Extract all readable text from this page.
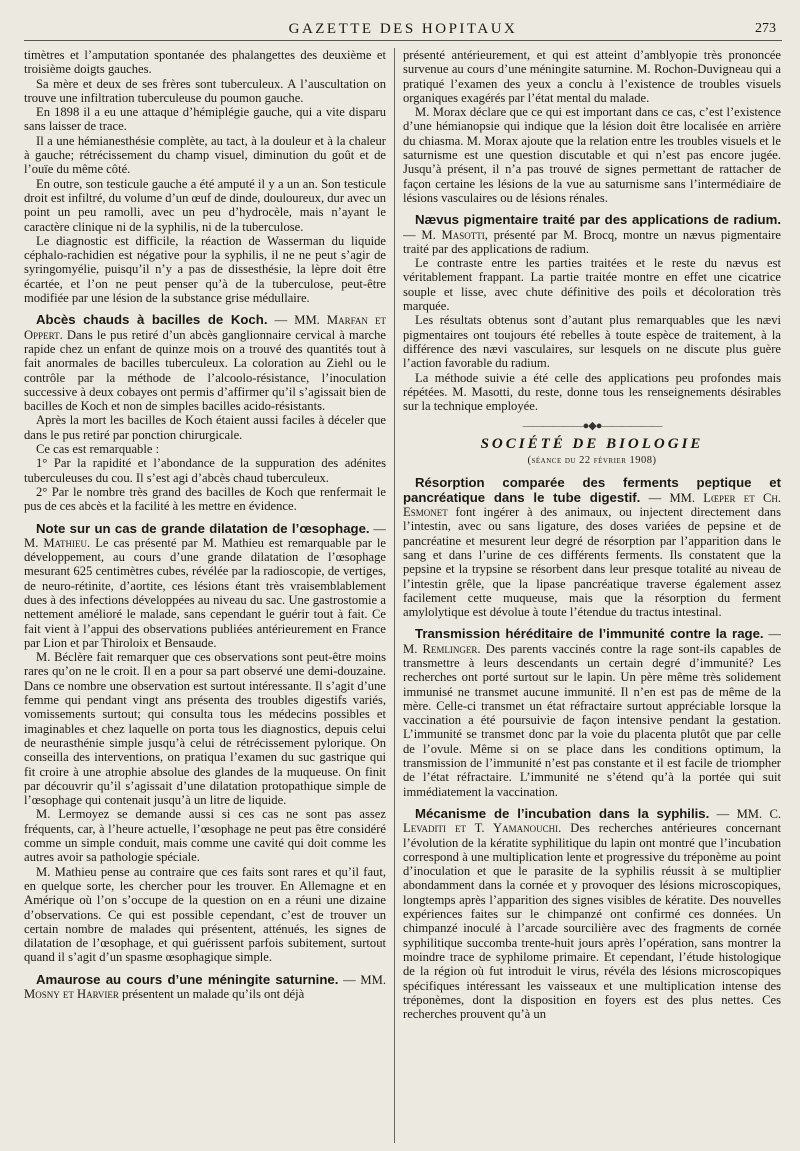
GAZETTE DES HOPITAUX	273

timètres et l’amputation spontanée des phalangettes des deuxième et troisième doigts gauches.

Sa mère et deux de ses frères sont tuberculeux. A l’auscultation on trouve une infiltration tuberculeuse du poumon gauche.

En 1898 il a eu une attaque d’hémiplégie gauche, qui a vite disparu sans laisser de trace.

Il a une hémianesthésie complète, au tact, à la douleur et à la chaleur à gauche; rétrécissement du champ visuel, diminution du goût et de l’ouïe du même côté.

En outre, son testicule gauche a été amputé il y a un an. Son testicule droit est infiltré, du volume d’un œuf de dinde, douloureux, dur avec un point un peu ramolli, avec un peu d’hydrocèle, mais n’ayant le caractère clinique ni de la syphilis, ni de la tuberculose.

Le diagnostic est difficile, la réaction de Wasserman du liquide céphalo-rachidien est négative pour la syphilis, il ne ne peut s’agir de syringomyélie, puisqu’il n’y a pas de dissesthésie, la lèpre doit être écartée, et l’on ne peut penser qu’à de la tuberculose, peut-être modifiée par une lésion de la substance grise médullaire.

Abcès chauds à bacilles de Koch. — MM. Marfan et Oppert. Dans le pus retiré d’un abcès ganglionnaire cervical à marche rapide chez un enfant de quinze mois on a trouvé des quantités tout à fait anormales de bacilles tuberculeux. La coloration au Ziehl ou le contrôle par la méthode de l’alcoolo-résistance, l’inoculation successive à deux cobayes ont permis d’affirmer qu’il s’agissait bien de bacilles de Koch et non de simples bacilles acido-résistants.

Après la mort les bacilles de Koch étaient aussi faciles à déceler que dans le pus retiré par ponction chirurgicale.

Ce cas est remarquable :

1° Par la rapidité et l’abondance de la suppuration des adénites tuberculeuses du cou. Il s’est agi d’abcès chaud tuberculeux.

2° Par le nombre très grand des bacilles de Koch que renfermait le pus de ces abcès et la facilité à les mettre en évidence.

Note sur un cas de grande dilatation de l’œsophage. — M. Mathieu. Le cas présenté par M. Mathieu est remarquable par le développement, au cours d’une grande dilatation de l’œsophage mesurant 625 centimètres cubes, révélée par la radioscopie, de vertiges, de neuro-rétinite, d’aortite, ces lésions étant très vraisemblablement dues à des infections développées au niveau du sac. Une gastrostomie a nettement amélioré le malade, sans cependant le guérir tout à fait. Ce fait vient à l’appui des observations publiées antérieurement en France par Lion et par Thiroloix et Bensaude.

M. Béclère fait remarquer que ces observations sont peut-être moins rares qu’on ne le croit. Il en a pour sa part observé une demi-douzaine. Dans ce nombre une observation est surtout intéressante. Il s’agit d’une femme qui pendant vingt ans présenta des troubles digestifs variés, vomissements surtout; qui consulta tous les médecins possibles et imaginables et chez laquelle on porta tous les diagnostics, depuis celui de neurasthénie simple jusqu’à celui de rétrécissement pylorique. On conseilla des interventions, on pratiqua l’examen du suc gastrique qui fit croire à une atrophie absolue des glandes de la muqueuse. On finit par découvrir qu’il s’agissait d’une dilatation protopathique simple de l’œsophage qui contenait jusqu’à un litre de liquide.

M. Lermoyez se demande aussi si ces cas ne sont pas assez fréquents, car, à l’heure actuelle, l’œsophage ne peut pas être considéré comme un simple conduit, mais comme une cavité qui doit comme les autres avoir sa pathologie spéciale.

M. Mathieu pense au contraire que ces faits sont rares et qu’il faut, en quelque sorte, les chercher pour les trouver. En Allemagne et en Amérique où l’on s’occupe de la question on en a réuni une dizaine d’observations. Ce qui est possible cependant, c’est de trouver un certain nombre de malades qui présentent, atténués, les signes de dilatation de l’œsophage, et qui guérissent parfois subitement, surtout quand il s’agit d’un spasme œsophagique simple.

Amaurose au cours d’une méningite saturnine. — MM. Mosny et Harvier présentent un malade qu’ils ont déjà

présenté antérieurement, et qui est atteint d’amblyopie très prononcée survenue au cours d’une méningite saturnine. M. Rochon-Duvigneau qui a pratiqué l’examen des yeux a conclu à l’existence de troubles visuels organiques exagérés par l’état mental du malade.

M. Morax déclare que ce qui est important dans ce cas, c’est l’existence d’une hémianopsie qui indique que la lésion doit être localisée en arrière du chiasma. M. Morax ajoute que la relation entre les troubles visuels et le saturnisme est une question discutable et qui n’est pas encore jugée. Jusqu’à présent, il n’a pas trouvé de signes permettant de rattacher de façon certaine les lésions de la vue au saturnisme sans l’intermédiaire de lésions vasculaires ou de lésions rénales.

Nævus pigmentaire traité par des applications de radium. — M. Masotti, présenté par M. Brocq, montre un nævus pigmentaire traité par des applications de radium.

Le contraste entre les parties traitées et le reste du nævus est véritablement frappant. La partie traitée montre en effet une cicatrice souple et lisse, avec chute définitive des poils et décoloration très marquée.

Les résultats obtenus sont d’autant plus remarquables que les nævi pigmentaires ont toujours été rebelles à toute espèce de traitement, à la différence des nævi vasculaires, sur lesquels on ne discute plus guère l’action favorable du radium.

La méthode suivie a été celle des applications peu profondes mais répétées. M. Masotti, du reste, donne tous les renseignements désirables sur la technique employée.

——————●◆●——————
SOCIÉTÉ DE BIOLOGIE
(séance du 22 février 1908)

Résorption comparée des ferments peptique et pancréatique dans le tube digestif. — MM. Lœper et Ch. Esmonet font ingérer à des animaux, ou injectent directement dans l’intestin, avec ou sans ligature, des doses variées de pepsine et de pancréatine et mesurent leur degré de résorption par l’apparition dans le sang et dans l’urine de ces différents ferments. Ils constatent que la pepsine et la trypsine se résorbent dans leur presque totalité au niveau de l’intestin grêle, que la lipase pancréatique traverse également assez facilement cette muqueuse, mais que la résorption du ferment amylolytique est dévolue à toute l’étendue du tractus intestinal.

Transmission héréditaire de l’immunité contre la rage. — M. Remlinger. Des parents vaccinés contre la rage sont-ils capables de transmettre à leurs descendants un certain degré d’immunité? Les recherches ont porté surtout sur le lapin. Un père même très solidement immunisé ne transmet aucune immunité. Il n’en est pas de même de la mère. Celle-ci transmet un état réfractaire surtout appréciable lorsque la vaccination a été poursuivie de façon intensive pendant la gestation. L’immunité se transmet donc par la voie du placenta plutôt que par celle de l’ovule. Même si on se place dans les conditions optimum, la transmission de l’immunité n’est pas constante et il est facile de triompher de l’état réfractaire. L’immunité ne s’étend qu’à la portée qui suit immédiatement la vaccination.

Mécanisme de l’incubation dans la syphilis. — MM. C. Levaditi et T. Yamanouchi. Des recherches antérieures concernant l’évolution de la kératite syphilitique du lapin ont montré que l’incubation correspond à une multiplication lente et progressive du tréponème au point d’inoculation et que le parasite de la syphilis réussit à se multiplier abondamment dans la cornée et y provoquer des lésions microscopiques, longtemps après l’apparition des signes visibles de kératite. Des nouvelles expériences faites sur le chimpanzé ont confirmé ces données. Un chimpanzé inoculé à l’arcade sourcilière avec des fragments de cornée syphilitique succomba trente-huit jours après l’opération, sans montrer la moindre trace de syphilome primaire. Et cependant, l’étude histologique de la région où fut introduit le virus, révéla des lésions microscopiques spécifiques intéressant les vaisseaux et une multiplication intense des tréponèmes, dont la disposition en foyers est des plus nettes. Ces recherches prouvent qu’à un
